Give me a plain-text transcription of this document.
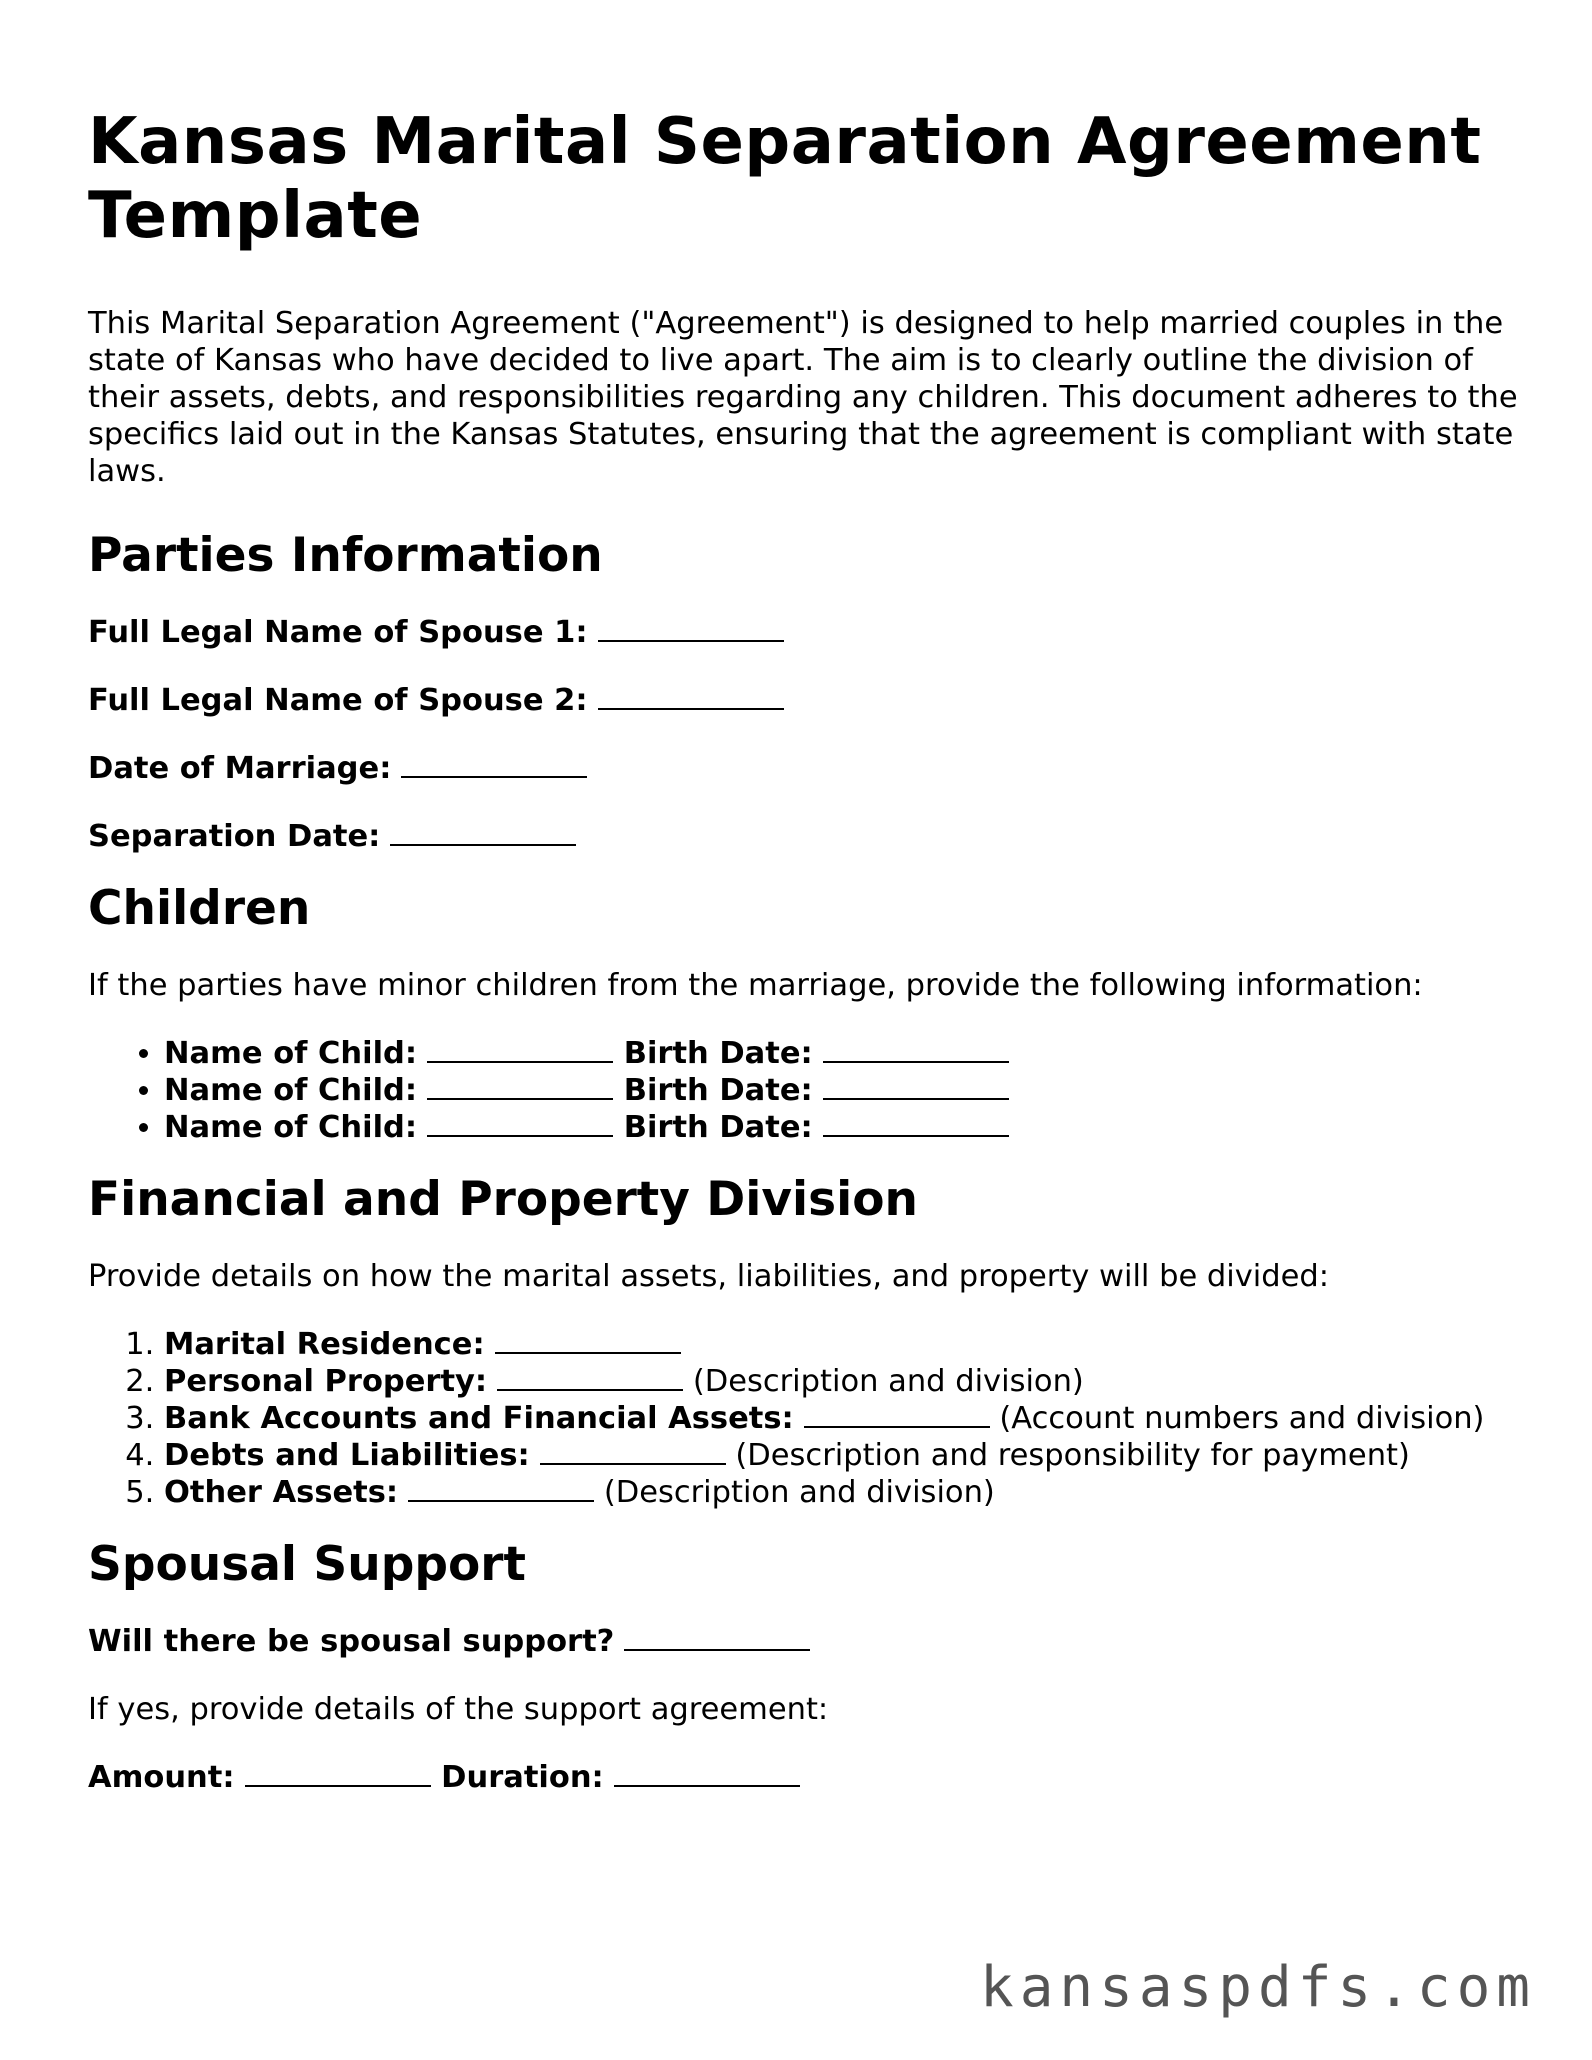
Kansas Marital Separation Agreement Template

This Marital Separation Agreement ("Agreement") is designed to help married couples in the state of Kansas who have decided to live apart. The aim is to clearly outline the division of their assets, debts, and responsibilities regarding any children. This document adheres to the specifics laid out in the Kansas Statutes, ensuring that the agreement is compliant with state laws.

Parties Information
Full Legal Name of Spouse 1:
Full Legal Name of Spouse 2:
Date of Marriage:
Separation Date:
Children

If the parties have minor children from the marriage, provide the following information:

• Name of Child:	Birth Date:
• Name of Child:	Birth Date:
• Name of Child:	Birth Date:
Financial and Property Division

Provide details on how the marital assets, liabilities, and property will be divided:

1. Marital Residence:
2. Personal Property:	(Description and division)
3. Bank Accounts and Financial Assets:	(Account numbers and division)
4. Debts and Liabilities:	(Description and responsibility for payment)
5. Other Assets:	(Description and division)
Spousal Support
Will there be spousal support?

If yes, provide details of the support agreement:

Amount:	Duration:
kansaspdfs.com
